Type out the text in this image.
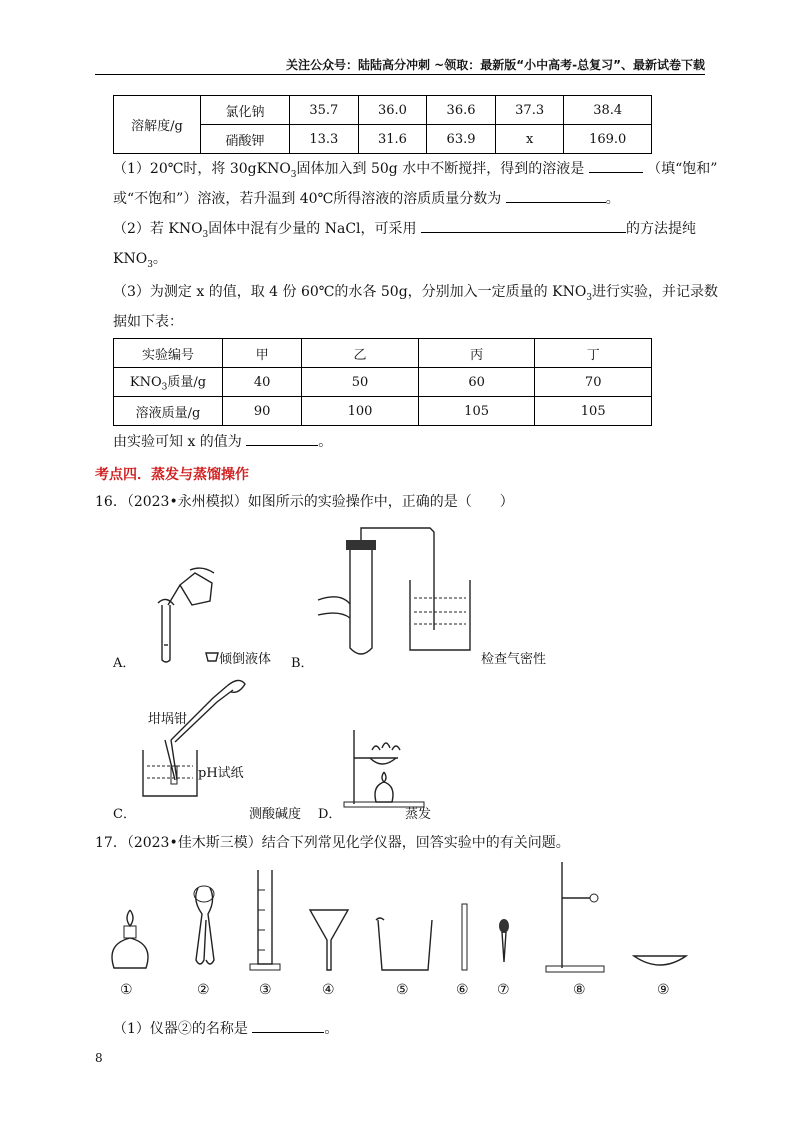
关注公众号：陆陆高分冲刺 ~领取：最新版“小中高考-总复习”、最新试卷下载
溶解度/g	氯化钠	35.7	36.0	36.6	37.3	38.4
	硝酸钾	13.3	31.6	63.9	x	169.0
（1）20℃时，将 30gKNO$_3$固体加入到 50g 水中不断搅拌，得到的溶液是	（填“饱和”
或“不饱和”）溶液，若升温到 40℃所得溶液的溶质质量分数为	。
（2）若 $KNO_3$固体中混有少量的 NaCl，可采用	的方法提纯
$KNO_3$。
（3）为测定 x 的值，取 4 份 60℃的水各 50g，分别加入一定质量的 $KNO_3$进行实验，并记录数
据如下表：
实验编号	甲	乙	丙	丁
$KNO_3$质量/g	40	50	60	70
溶液质量/g	90	100	105	105
由实验可知 x 的值为	。
考点四．蒸发与蒸馏操作
16．（2023•永州模拟）如图所示的实验操作中，正确的是（　　）
A．	倾倒液体 B．	检查气密性
坩埚钳
pH试纸
C．	测酸碱度 D．	蒸发
17．（2023•佳木斯三模）结合下列常见化学仪器，回答实验中的有关问题。
①	②	③	④	⑤	⑥ ⑦	⑧	⑨
（1）仪器②的名称是	。
8
